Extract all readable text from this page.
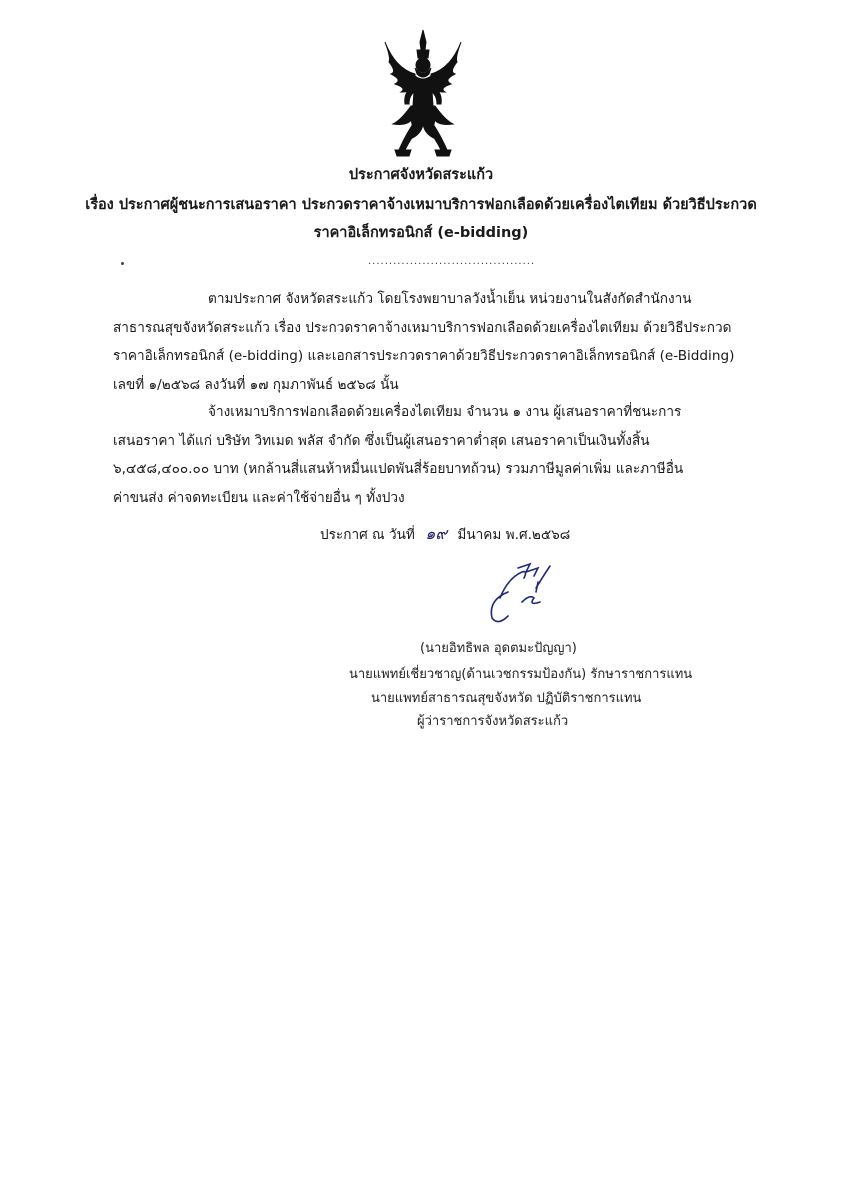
ประกาศจังหวัดสระแก้ว
เรื่อง ประกาศผู้ชนะการเสนอราคา ประกวดราคาจ้างเหมาบริการฟอกเลือดด้วยเครื่องไตเทียม ด้วยวิธีประกวด
ราคาอิเล็กทรอนิกส์ (e-bidding)
........................................
ตามประกาศ จังหวัดสระแก้ว โดยโรงพยาบาลวังน้ำเย็น หน่วยงานในสังกัดสำนักงาน
สาธารณสุขจังหวัดสระแก้ว เรื่อง ประกวดราคาจ้างเหมาบริการฟอกเลือดด้วยเครื่องไตเทียม ด้วยวิธีประกวด
ราคาอิเล็กทรอนิกส์ (e-bidding) และเอกสารประกวดราคาด้วยวิธีประกวดราคาอิเล็กทรอนิกส์ (e-Bidding)
เลขที่ ๑/๒๕๖๘ ลงวันที่ ๑๗ กุมภาพันธ์ ๒๕๖๘ นั้น
จ้างเหมาบริการฟอกเลือดด้วยเครื่องไตเทียม จำนวน ๑ งาน ผู้เสนอราคาที่ชนะการ
เสนอราคา ได้แก่ บริษัท วิทเมด พลัส จำกัด ซึ่งเป็นผู้เสนอราคาต่ำสุด เสนอราคาเป็นเงินทั้งสิ้น
๖,๔๕๘,๔๐๐.๐๐ บาท (หกล้านสี่แสนห้าหมื่นแปดพันสี่ร้อยบาทถ้วน) รวมภาษีมูลค่าเพิ่ม และภาษีอื่น
ค่าขนส่ง ค่าจดทะเบียน และค่าใช้จ่ายอื่น ๆ ทั้งปวง
ประกาศ ณ วันที่ ๑๙ มีนาคม พ.ศ.๒๕๖๘
(นายอิทธิพล อุดตมะปัญญา)
นายแพทย์เชี่ยวชาญ(ด้านเวชกรรมป้องกัน) รักษาราชการแทน
นายแพทย์สาธารณสุขจังหวัด ปฏิบัติราชการแทน
ผู้ว่าราชการจังหวัดสระแก้ว
